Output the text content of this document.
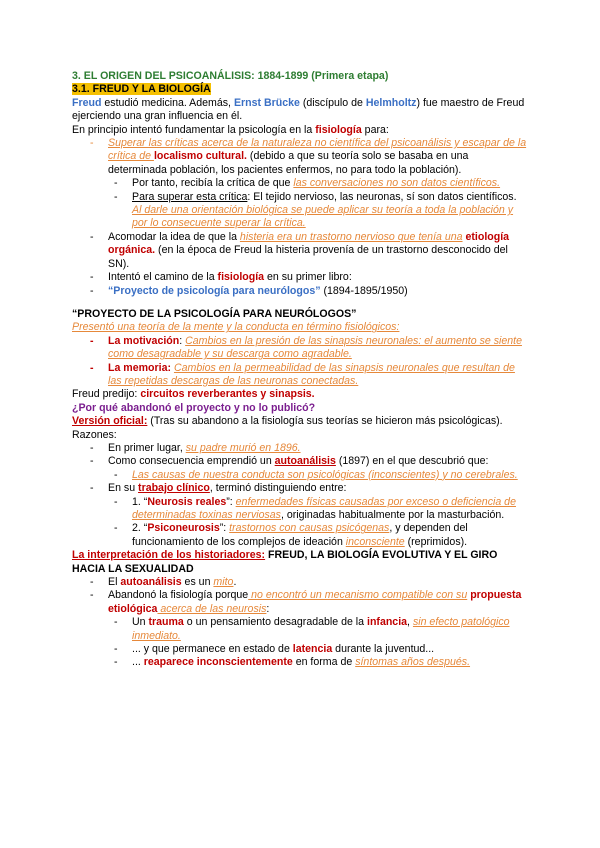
3. EL ORIGEN DEL PSICOANÁLISIS: 1884-1899 (Primera etapa)

3.1. FREUD Y LA BIOLOGÍA

Freud estudió medicina. Además, Ernst Brücke (discípulo de Helmholtz) fue maestro de Freud ejerciendo una gran influencia en él.

En principio intentó fundamentar la psicología en la fisiología para:

- Superar las críticas acerca de la naturaleza no científica del psicoanálisis y escapar de la crítica de localismo cultural. (debido a que su teoría solo se basaba en una determinada población, los pacientes enfermos, no para todo la población).
- Por tanto, recibía la crítica de que las conversaciones no son datos científicos.
- Para superar esta crítica: El tejido nervioso, las neuronas, sí son datos científicos. Al darle una orientación biológica se puede aplicar su teoría a toda la población y por lo consecuente superar la crítica.
- Acomodar la idea de que la histeria era un trastorno nervioso que tenía una etiología orgánica. (en la época de Freud la histeria provenía de un trastorno desconocido del SN).
- Intentó el camino de la fisiología en su primer libro:
- “Proyecto de psicología para neurólogos” (1894-1895/1950)

“PROYECTO DE LA PSICOLOGÍA PARA NEURÓLOGOS”

Presentó una teoría de la mente y la conducta en término fisiológicos:

- La motivación: Cambios en la presión de las sinapsis neuronales: el aumento se siente como desagradable y su descarga como agradable.
- La memoria: Cambios en la permeabilidad de las sinapsis neuronales que resultan de las repetidas descargas de las neuronas conectadas.

Freud predijo: circuitos reverberantes y sinapsis.

¿Por qué abandonó el proyecto y no lo publicó?

Versión oficial: (Tras su abandono a la fisiología sus teorías se hicieron más psicológicas).

Razones:

- En primer lugar, su padre murió en 1896.
- Como consecuencia emprendió un autoanálisis (1897) en el que descubrió que:
- Las causas de nuestra conducta son psicológicas (inconscientes) y no cerebrales.
- En su trabajo clínico, terminó distinguiendo entre:
- 1. “Neurosis reales”: enfermedades físicas causadas por exceso o deficiencia de determinadas toxinas nerviosas, originadas habitualmente por la masturbación.
- 2. “Psiconeurosis”: trastornos con causas psicógenas, y dependen del funcionamiento de los complejos de ideación inconsciente (reprimidos).

La interpretación de los historiadores: FREUD, LA BIOLOGÍA EVOLUTIVA Y EL GIRO HACIA LA SEXUALIDAD

- El autoanálisis es un mito.
- Abandonó la fisiología porque no encontró un mecanismo compatible con su propuesta etiológica acerca de las neurosis:
- Un trauma o un pensamiento desagradable de la infancia, sin efecto patológico inmediato.
- ... y que permanece en estado de latencia durante la juventud...
- ... reaparece inconscientemente en forma de síntomas años después.
